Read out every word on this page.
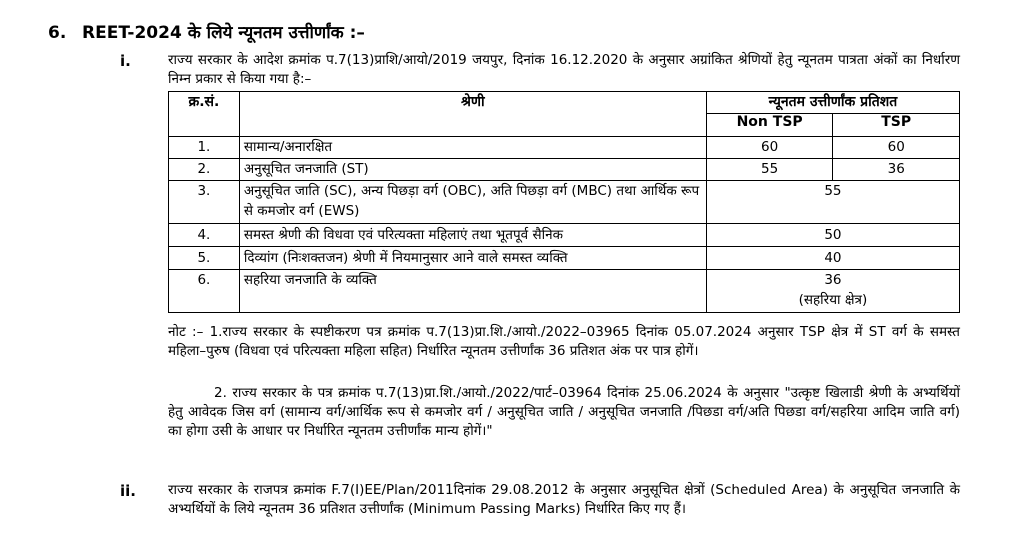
6. REET-2024 के लिये न्यूनतम उत्तीर्णांक :–
i.	राज्य सरकार के आदेश क्रमांक प.7(13)प्राशि/आयो/2019 जयपुर, दिनांक 16.12.2020 के अनुसार अग्रांकित श्रेणियों हेतु न्यूनतम पात्रता अंकों का निर्धारण निम्न प्रकार से किया गया है:–
क्र.सं.	श्रेणी	न्यूनतम उत्तीर्णांक प्रतिशत	
		Non TSP	TSP
1.	सामान्य/अनारक्षित	60	60
2.	अनुसूचित जनजाति (ST)	55	36
3.	अनुसूचित जाति (SC), अन्य पिछड़ा वर्ग (OBC), अति पिछड़ा वर्ग (MBC) तथा आर्थिक रूप से कमजोर वर्ग (EWS)	55	
4.	समस्त श्रेणी की विधवा एवं परित्यक्ता महिलाएं तथा भूतपूर्व सैनिक	50	
5.	दिव्यांग (निःशक्तजन) श्रेणी में नियमानुसार आने वाले समस्त व्यक्ति	40	
6.	सहरिया जनजाति के व्यक्ति	36
(सहरिया क्षेत्र)	
नोट :– 1.राज्य सरकार के स्पष्टीकरण पत्र क्रमांक प.7(13)प्रा.शि./आयो./2022–03965 दिनांक 05.07.2024 अनुसार TSP क्षेत्र में ST वर्ग के समस्त महिला–पुरुष (विधवा एवं परित्यक्ता महिला सहित) निर्धारित न्यूनतम उत्तीर्णांक 36 प्रतिशत अंक पर पात्र होगें।
2. राज्य सरकार के पत्र क्रमांक प.7(13)प्रा.शि./आयो./2022/पार्ट–03964 दिनांक 25.06.2024 के अनुसार "उत्कृष्ट खिलाडी श्रेणी के अभ्यर्थियों हेतु आवेदक जिस वर्ग (सामान्य वर्ग/आर्थिक रूप से कमजोर वर्ग / अनुसूचित जाति / अनुसूचित जनजाति /पिछडा वर्ग/अति पिछडा वर्ग/सहरिया आदिम जाति वर्ग) का होगा उसी के आधार पर निर्धारित न्यूनतम उत्तीर्णांक मान्य होगें।"
ii. राज्य सरकार के राजपत्र क्रमांक F.7(I)EE/Plan/2011दिनांक 29.08.2012 के अनुसार अनुसूचित क्षेत्रों (Scheduled Area) के अनुसूचित जनजाति के अभ्यर्थियों के लिये न्यूनतम 36 प्रतिशत उत्तीर्णांक (Minimum Passing Marks) निर्धारित किए गए हैं।
